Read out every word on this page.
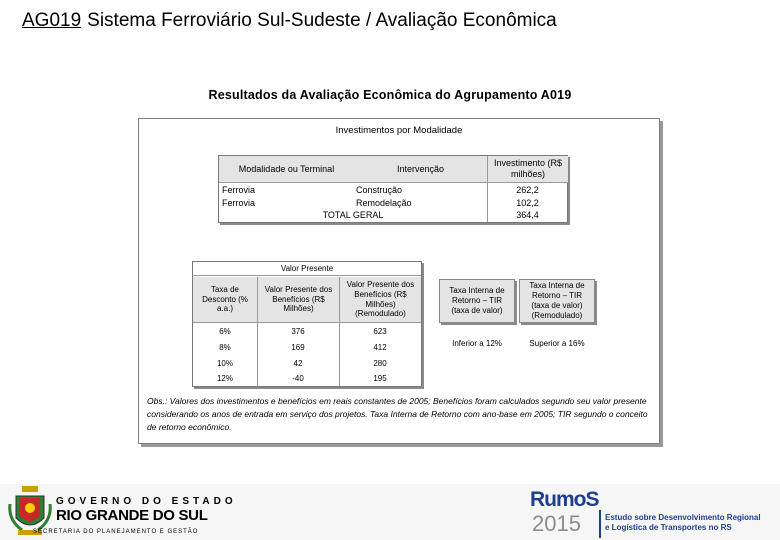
AG019 Sistema Ferroviário Sul-Sudeste / Avaliação Econômica
Resultados da Avaliação Econômica do Agrupamento A019
Investimentos por Modalidade
Modalidade ou Terminal	Intervenção
Investimento (R$ milhões)
Ferrovia	Construção	262,2
Ferrovia	Remodelação	102,2
TOTAL GERAL	364,4
Valor Presente
Taxa de Desconto (% a.a.)
Valor Presente dos Benefícios (R$ Milhões)
Valor Presente dos Benefícios (R$ Milhões) (Remodulado)
6%	376	623
8%	169	412
10%	42	280
12%	-40	195
Taxa Interna de Retorno – TIR (taxa de valor)
Taxa Interna de Retorno – TIR (taxa de valor) (Remodulado)
Inferior a 12%	Superior a 16%
Obs.: Valores dos investimentos e benefícios em reais constantes de 2005; Benefícios foram calculados segundo seu valor presente considerando os anos de entrada em serviço dos projetos. Taxa Interna de Retorno com ano-base em 2005; TIR segundo o conceito de retorno econômico.
GOVERNO DO ESTADO
RIO GRANDE DO SUL
SECRETARIA DO PLANEJAMENTO E GESTÃO
RumoS
2015	Estudo sobre Desenvolvimento Regional
e Logística de Transportes no RS
